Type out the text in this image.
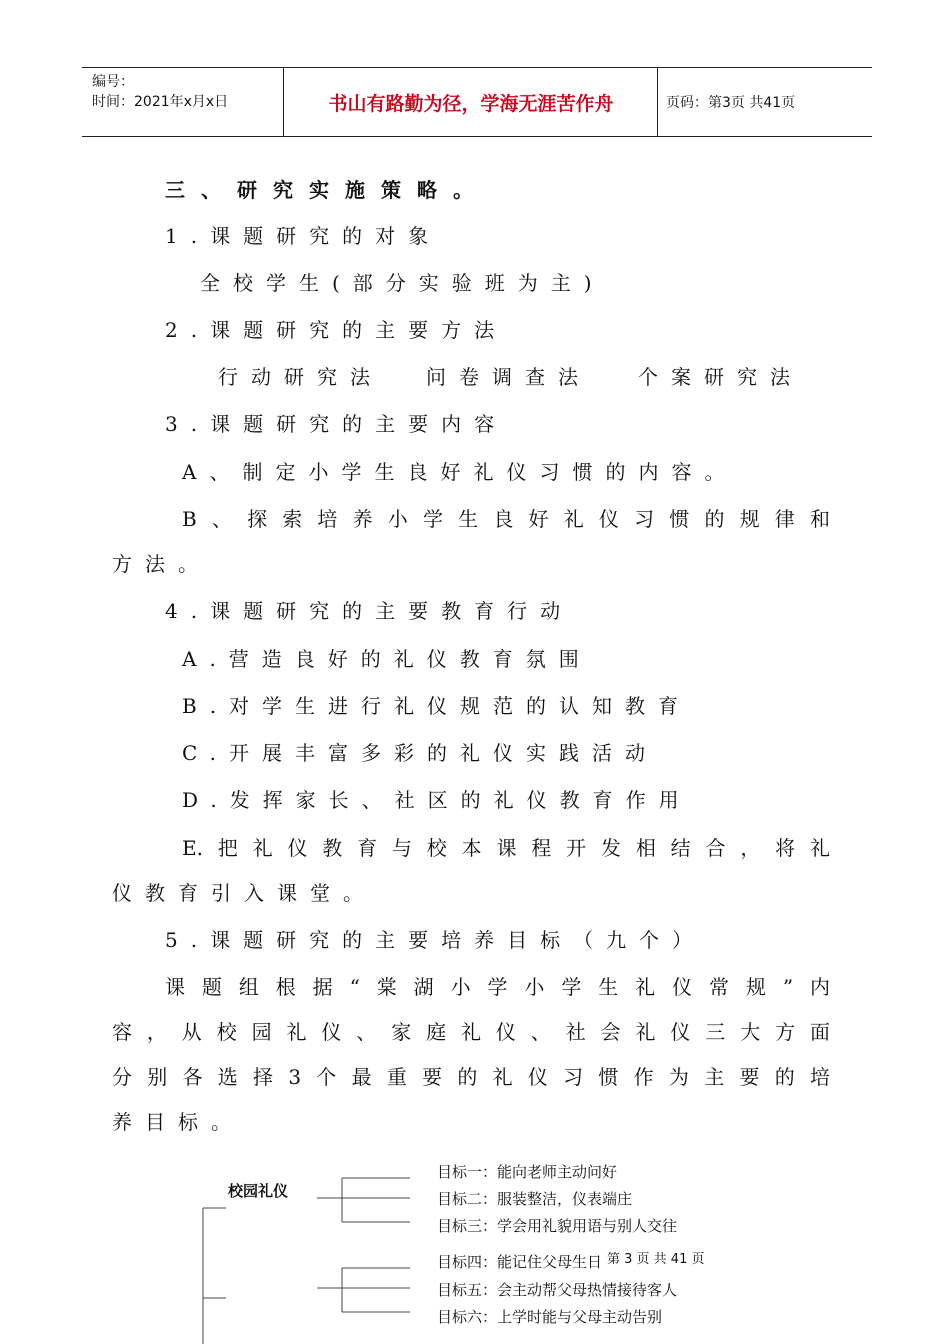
编号：
时间：2021年x月x日	书山有路勤为径，学海无涯苦作舟	页码：第3页 共41页
三、研究实施策略。
1.课题研究的对象
全校学生(部分实验班为主)
2.课题研究的主要方法
行动研究法 问卷调查法 个案研究法
3.课题研究的主要内容
A、制定小学生良好礼仪习惯的内容。
B、探索培养小学生良好礼仪习惯的规律和
方法。
4.课题研究的主要教育行动
A.营造良好的礼仪教育氛围
B.对学生进行礼仪规范的认知教育
C.开展丰富多彩的礼仪实践活动
D.发挥家长、社区的礼仪教育作用
E.把礼仪教育与校本课程开发相结合，将礼
仪教育引入课堂。
5.课题研究的主要培养目标（九个）
课题组根据“棠湖小学小学生礼仪常规”内
容，从校园礼仪、家庭礼仪、社会礼仪三大方面
分别各选择3个最重要的礼仪习惯作为主要的培
养目标。
校园礼仪
目标一：能向老师主动问好
目标二：服装整洁，仪表端庄
目标三：学会用礼貌用语与别人交往
目标四：能记住父母生日
目标五：会主动帮父母热情接待客人
目标六：上学时能与父母主动告别
第 3 页 共 41 页
